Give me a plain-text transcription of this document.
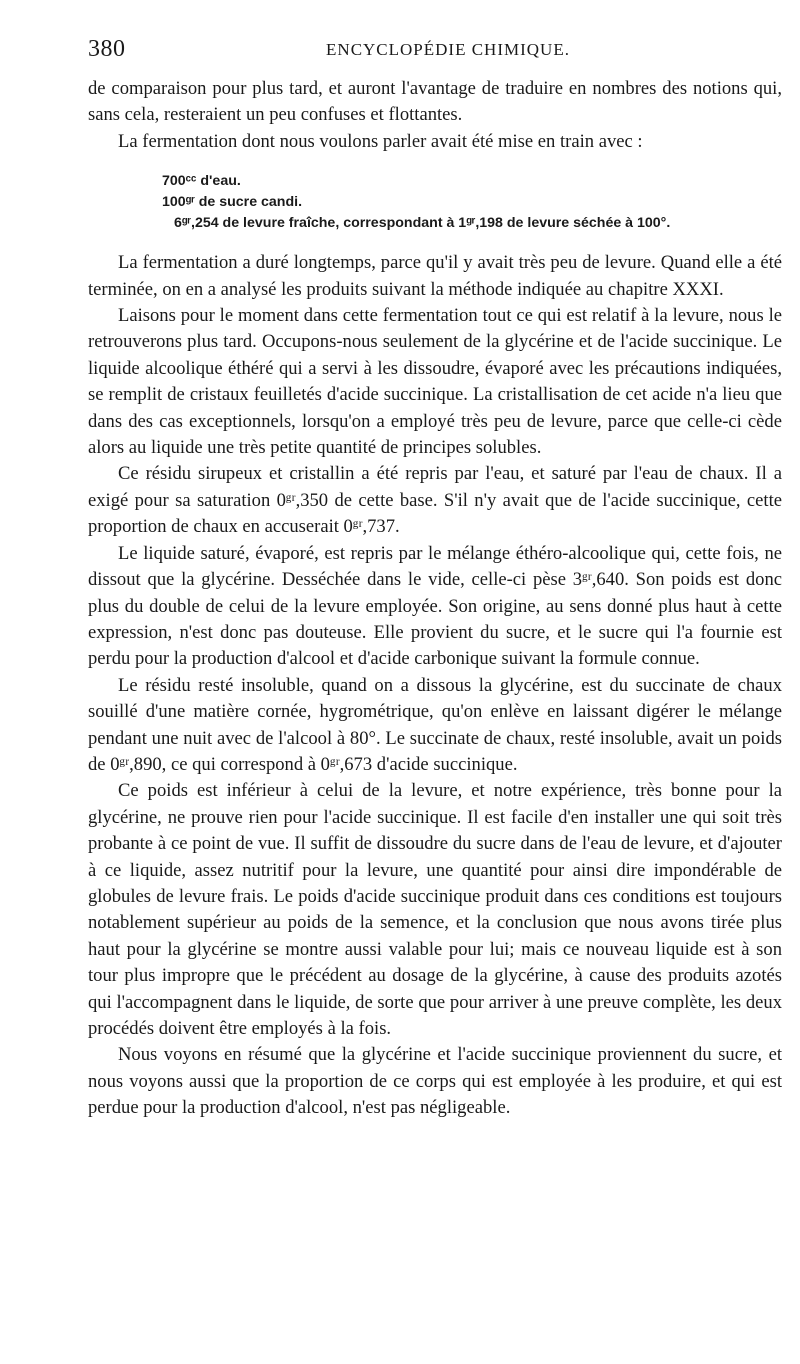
380	ENCYCLOPÉDIE CHIMIQUE.

de comparaison pour plus tard, et auront l'avantage de traduire en nombres des notions qui, sans cela, resteraient un peu confuses et flottantes.

La fermentation dont nous voulons parler avait été mise en train avec :

700ᶜᶜ d'eau.
100ᵍʳ de sucre candi.
6ᵍʳ,254 de levure fraîche, correspondant à 1ᵍʳ,198 de levure séchée à 100°.

La fermentation a duré longtemps, parce qu'il y avait très peu de levure. Quand elle a été terminée, on en a analysé les produits suivant la méthode indiquée au chapitre XXXI.

Laisons pour le moment dans cette fermentation tout ce qui est relatif à la levure, nous le retrouverons plus tard. Occupons-nous seulement de la glycérine et de l'acide succinique. Le liquide alcoolique éthéré qui a servi à les dissoudre, évaporé avec les précautions indiquées, se remplit de cristaux feuilletés d'acide succinique. La cristallisation de cet acide n'a lieu que dans des cas exceptionnels, lorsqu'on a employé très peu de levure, parce que celle-ci cède alors au liquide une très petite quantité de principes solubles.

Ce résidu sirupeux et cristallin a été repris par l'eau, et saturé par l'eau de chaux. Il a exigé pour sa saturation 0ᵍʳ,350 de cette base. S'il n'y avait que de l'acide succinique, cette proportion de chaux en accuserait 0ᵍʳ,737.

Le liquide saturé, évaporé, est repris par le mélange éthéro-alcoolique qui, cette fois, ne dissout que la glycérine. Desséchée dans le vide, celle-ci pèse 3ᵍʳ,640. Son poids est donc plus du double de celui de la levure employée. Son origine, au sens donné plus haut à cette expression, n'est donc pas douteuse. Elle provient du sucre, et le sucre qui l'a fournie est perdu pour la production d'alcool et d'acide carbonique suivant la formule connue.

Le résidu resté insoluble, quand on a dissous la glycérine, est du succinate de chaux souillé d'une matière cornée, hygrométrique, qu'on enlève en laissant digérer le mélange pendant une nuit avec de l'alcool à 80°. Le succinate de chaux, resté insoluble, avait un poids de 0ᵍʳ,890, ce qui correspond à 0ᵍʳ,673 d'acide succinique.

Ce poids est inférieur à celui de la levure, et notre expérience, très bonne pour la glycérine, ne prouve rien pour l'acide succinique. Il est facile d'en installer une qui soit très probante à ce point de vue. Il suffit de dissoudre du sucre dans de l'eau de levure, et d'ajouter à ce liquide, assez nutritif pour la levure, une quantité pour ainsi dire impondérable de globules de levure frais. Le poids d'acide succinique produit dans ces conditions est toujours notablement supérieur au poids de la semence, et la conclusion que nous avons tirée plus haut pour la glycérine se montre aussi valable pour lui; mais ce nouveau liquide est à son tour plus impropre que le précédent au dosage de la glycérine, à cause des produits azotés qui l'accompagnent dans le liquide, de sorte que pour arriver à une preuve complète, les deux procédés doivent être employés à la fois.

Nous voyons en résumé que la glycérine et l'acide succinique proviennent du sucre, et nous voyons aussi que la proportion de ce corps qui est employée à les produire, et qui est perdue pour la production d'alcool, n'est pas négligeable.
